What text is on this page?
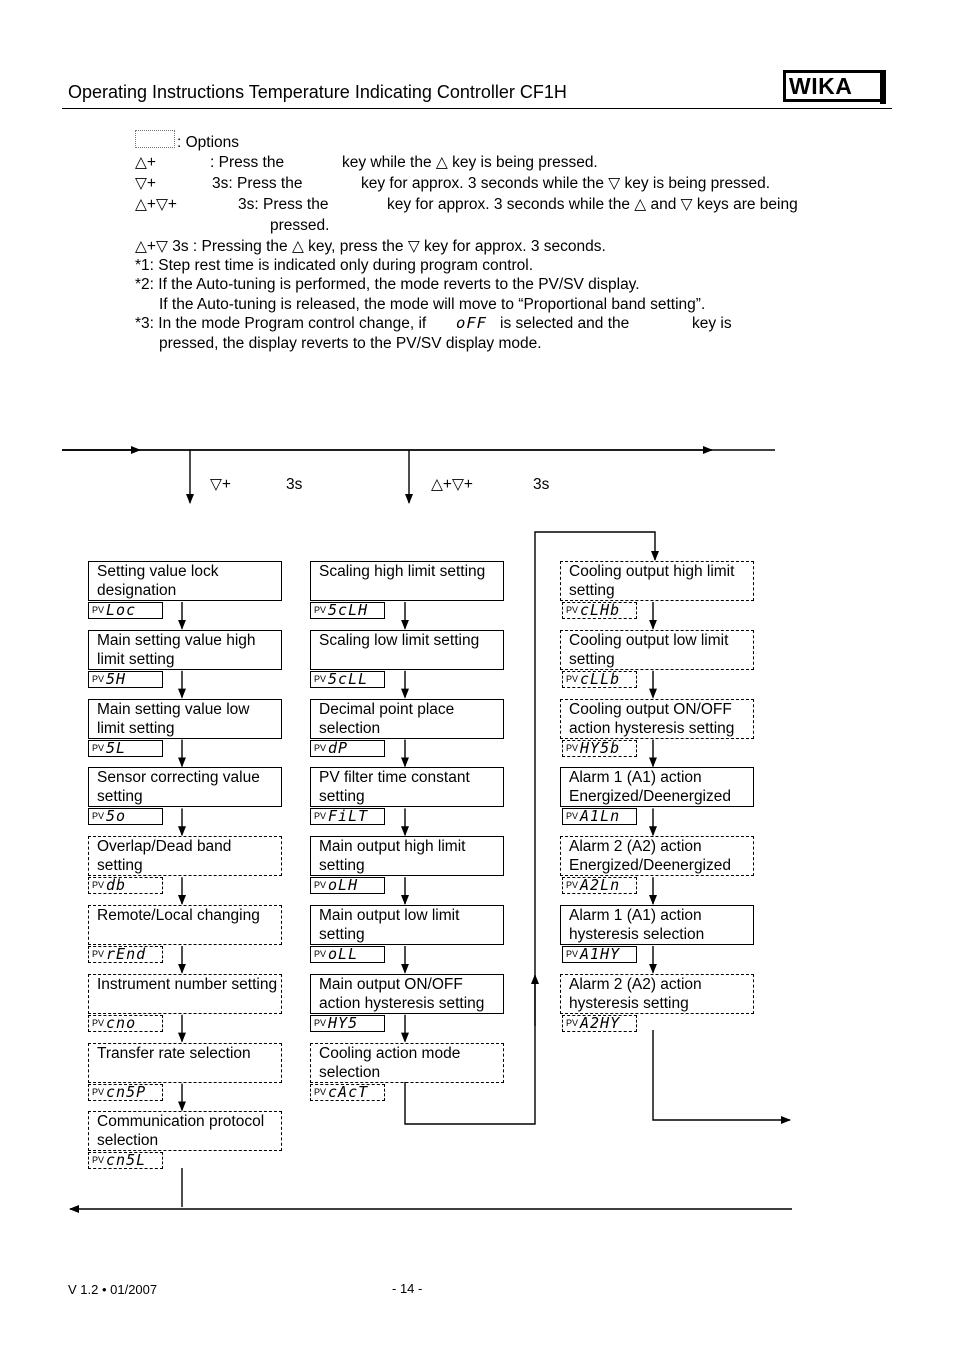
Operating Instructions Temperature Indicating Controller CF1H	WIKA
: Options
△+	: Press the	key while the △ key is being pressed.
▽+	3s: Press the	key for approx. 3 seconds while the ▽ key is being pressed.
△+▽+	3s: Press the	key for approx. 3 seconds while the △ and ▽ keys are being
pressed.
△+▽ 3s : Pressing the △ key, press the ▽ key for approx. 3 seconds.
*1: Step rest time is indicated only during program control.
*2: If the Auto-tuning is performed, the mode reverts to the PV/SV display.
If the Auto-tuning is released, the mode will move to “Proportional band setting”.
*3: In the mode Program control change, if oFF is selected and the	key is
pressed, the display reverts to the PV/SV display mode.
▽+	3s	△+▽+	3s
Setting value lock designation
$^{PV}$ Loc
Main setting value high limit setting
$^{PV}$ 5H
Main setting value low limit setting
$^{PV}$ 5L
Sensor correcting value setting
$^{PV}$ 5o
Overlap/Dead band setting
$^{PV}$ db
Remote/Local changing
$^{PV}$ rEnd
Instrument number setting
$^{PV}$ cno
Transfer rate selection
$^{PV}$ cn5P
Communication protocol selection
$^{PV}$ cn5L
Scaling high limit setting
$^{PV}$ 5cLH
Scaling low limit setting
$^{PV}$ 5cLL
Decimal point place selection
$^{PV}$ dP
PV filter time constant setting
$^{PV}$ FiLT
Main output high limit setting
$^{PV}$ oLH
Main output low limit setting
$^{PV}$ oLL
Main output ON/OFF action hysteresis setting
$^{PV}$ HY5
Cooling action mode selection
$^{PV}$ cAcT
Cooling output high limit setting
$^{PV}$ cLHb
Cooling output low limit setting
$^{PV}$ cLLb
Cooling output ON/OFF action hysteresis setting
$^{PV}$ HY5b
Alarm 1 (A1) action Energized/Deenergized
$^{PV}$ A1Ln
Alarm 2 (A2) action Energized/Deenergized
$^{PV}$ A2Ln
Alarm 1 (A1) action hysteresis selection
$^{PV}$ A1HY
Alarm 2 (A2) action hysteresis setting
$^{PV}$ A2HY
V 1.2 • 01/2007	- 14 -
